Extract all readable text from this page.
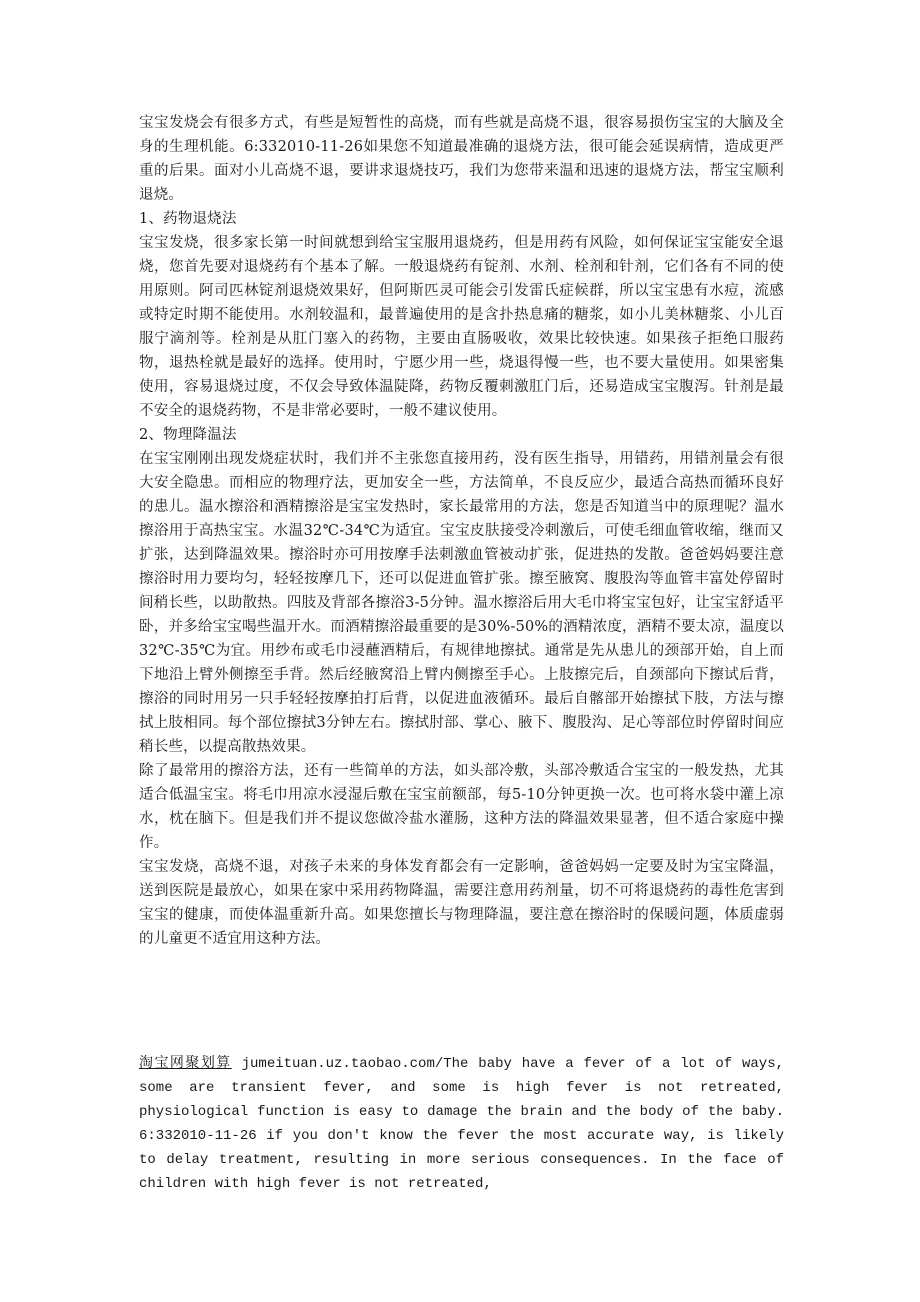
宝宝发烧会有很多方式，有些是短暂性的高烧，而有些就是高烧不退，很容易损伤宝宝的大脑及全身的生理机能。6:332010-11-26如果您不知道最准确的退烧方法，很可能会延误病情，造成更严重的后果。面对小儿高烧不退，要讲求退烧技巧，我们为您带来温和迅速的退烧方法，帮宝宝顺利退烧。

1、药物退烧法

宝宝发烧，很多家长第一时间就想到给宝宝服用退烧药，但是用药有风险，如何保证宝宝能安全退烧，您首先要对退烧药有个基本了解。一般退烧药有锭剂、水剂、栓剂和针剂，它们各有不同的使用原则。阿司匹林锭剂退烧效果好，但阿斯匹灵可能会引发雷氏症候群，所以宝宝患有水痘，流感或特定时期不能使用。水剂较温和，最普遍使用的是含扑热息痛的糖浆，如小儿美林糖浆、小儿百服宁滴剂等。栓剂是从肛门塞入的药物，主要由直肠吸收，效果比较快速。如果孩子拒绝口服药物，退热栓就是最好的选择。使用时，宁愿少用一些，烧退得慢一些，也不要大量使用。如果密集使用，容易退烧过度，不仅会导致体温陡降，药物反覆刺激肛门后，还易造成宝宝腹泻。针剂是最不安全的退烧药物，不是非常必要时，一般不建议使用。

2、物理降温法

在宝宝刚刚出现发烧症状时，我们并不主张您直接用药，没有医生指导，用错药，用错剂量会有很大安全隐患。而相应的物理疗法，更加安全一些，方法简单，不良反应少，最适合高热而循环良好的患儿。温水擦浴和酒精擦浴是宝宝发热时，家长最常用的方法，您是否知道当中的原理呢？温水擦浴用于高热宝宝。水温32℃-34℃为适宜。宝宝皮肤接受冷刺激后，可使毛细血管收缩，继而又扩张，达到降温效果。擦浴时亦可用按摩手法刺激血管被动扩张，促进热的发散。爸爸妈妈要注意擦浴时用力要均匀，轻轻按摩几下，还可以促进血管扩张。擦至腋窝、腹股沟等血管丰富处停留时间稍长些，以助散热。四肢及背部各擦浴3-5分钟。温水擦浴后用大毛巾将宝宝包好，让宝宝舒适平卧，并多给宝宝喝些温开水。而酒精擦浴最重要的是30%-50%的酒精浓度，酒精不要太凉，温度以32℃-35℃为宜。用纱布或毛巾浸蘸酒精后，有规律地擦拭。通常是先从患儿的颈部开始，自上而下地沿上臂外侧擦至手背。然后经腋窝沿上臂内侧擦至手心。上肢擦完后，自颈部向下擦试后背，擦浴的同时用另一只手轻轻按摩拍打后背，以促进血液循环。最后自髂部开始擦拭下肢，方法与擦拭上肢相同。每个部位擦拭3分钟左右。擦拭肘部、掌心、腋下、腹股沟、足心等部位时停留时间应稍长些，以提高散热效果。

除了最常用的擦浴方法，还有一些简单的方法，如头部冷敷，头部冷敷适合宝宝的一般发热，尤其适合低温宝宝。将毛巾用凉水浸湿后敷在宝宝前额部，每5-10分钟更换一次。也可将水袋中灌上凉水，枕在脑下。但是我们并不提议您做冷盐水灌肠，这种方法的降温效果显著，但不适合家庭中操作。

宝宝发烧，高烧不退，对孩子未来的身体发育都会有一定影响，爸爸妈妈一定要及时为宝宝降温，送到医院是最放心，如果在家中采用药物降温，需要注意用药剂量，切不可将退烧药的毒性危害到宝宝的健康，而使体温重新升高。如果您擅长与物理降温，要注意在擦浴时的保暖问题，体质虚弱的儿童更不适宜用这种方法。

淘宝网聚划算 jumeituan.uz.taobao.com/The baby have a fever of a lot of ways, some are transient fever, and some is high fever is not retreated, physiological function is easy to damage the brain and the body of the baby. 6:332010-11-26 if you don't know the fever the most accurate way, is likely to delay treatment, resulting in more serious consequences. In the face of children with high fever is not retreated,
